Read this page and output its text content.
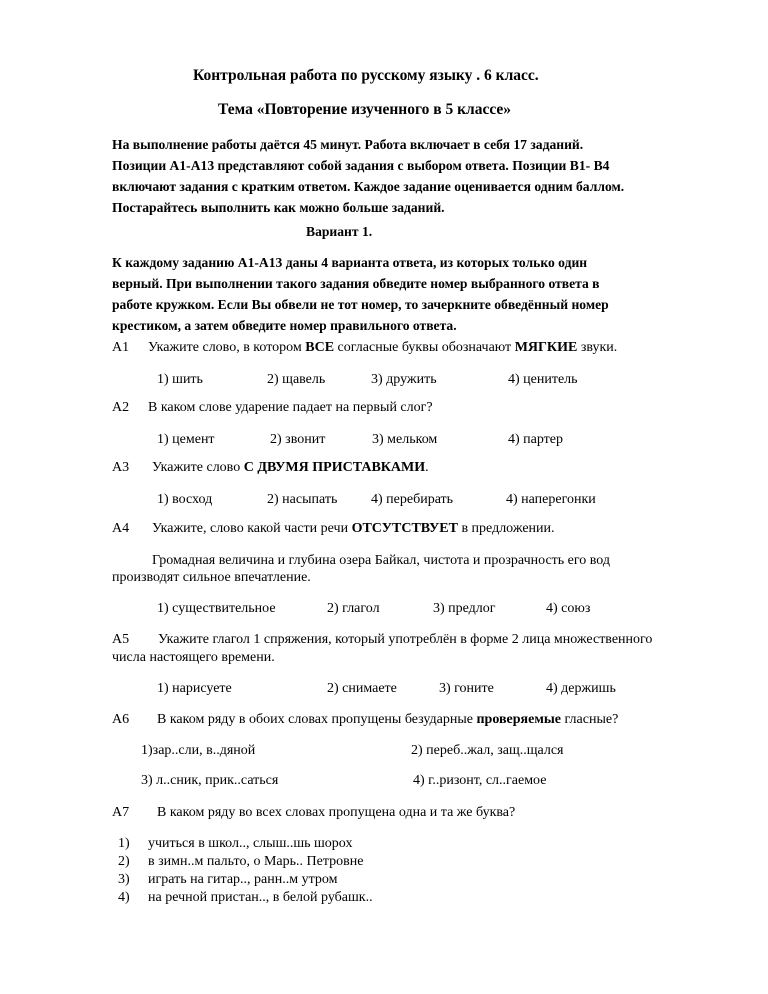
Контрольная работа по русскому языку . 6 класс.
Тема «Повторение изученного в 5 классе»
На выполнение работы даётся 45 минут. Работа включает в себя 17 заданий.
Позиции А1-А13 представляют собой задания с выбором ответа. Позиции В1- В4
включают задания с кратким ответом. Каждое задание оценивается одним баллом.
Постарайтесь выполнить как можно больше заданий.
Вариант 1.
К каждому заданию А1-А13 даны 4 варианта ответа, из которых только один
верный. При выполнении такого задания обведите номер выбранного ответа в
работе кружком. Если Вы обвели не тот номер, то зачеркните обведённый номер
крестиком, а затем обведите номер правильного ответа.
А1 Укажите слово, в котором ВСЕ согласные буквы обозначают МЯГКИЕ звуки.
1) шить	2) щавель	3) дружить	4) ценитель
А2 В каком слове ударение падает на первый слог?
1) цемент	2) звонит	3) мельком	4) партер
А3 Укажите слово С ДВУМЯ ПРИСТАВКАМИ.
1) восход	2) насыпать 4) перебирать	4) наперегонки
А4 Укажите, слово какой части речи ОТСУТСТВУЕТ в предложении.
Громадная величина и глубина озера Байкал, чистота и прозрачность его вод
производят сильное впечатление.
1) существительное	2) глагол	3) предлог	4) союз
А5 Укажите глагол 1 спряжения, который употреблён в форме 2 лица множественного
числа настоящего времени.
1) нарисуете	2) снимаете	3) гоните	4) держишь
А6 В каком ряду в обоих словах пропущены безударные проверяемые гласные?
1)зар..сли, в..дяной	2) переб..жал, защ..щался
3) л..сник, прик..саться	4) г..ризонт, сл..гаемое
А7 В каком ряду во всех словах пропущена одна и та же буква?
1) учиться в школ.., слыш..шь шорох
2) в зимн..м пальто, о Марь.. Петровне
3) играть на гитар.., ранн..м утром
4) на речной пристан.., в белой рубашк..
